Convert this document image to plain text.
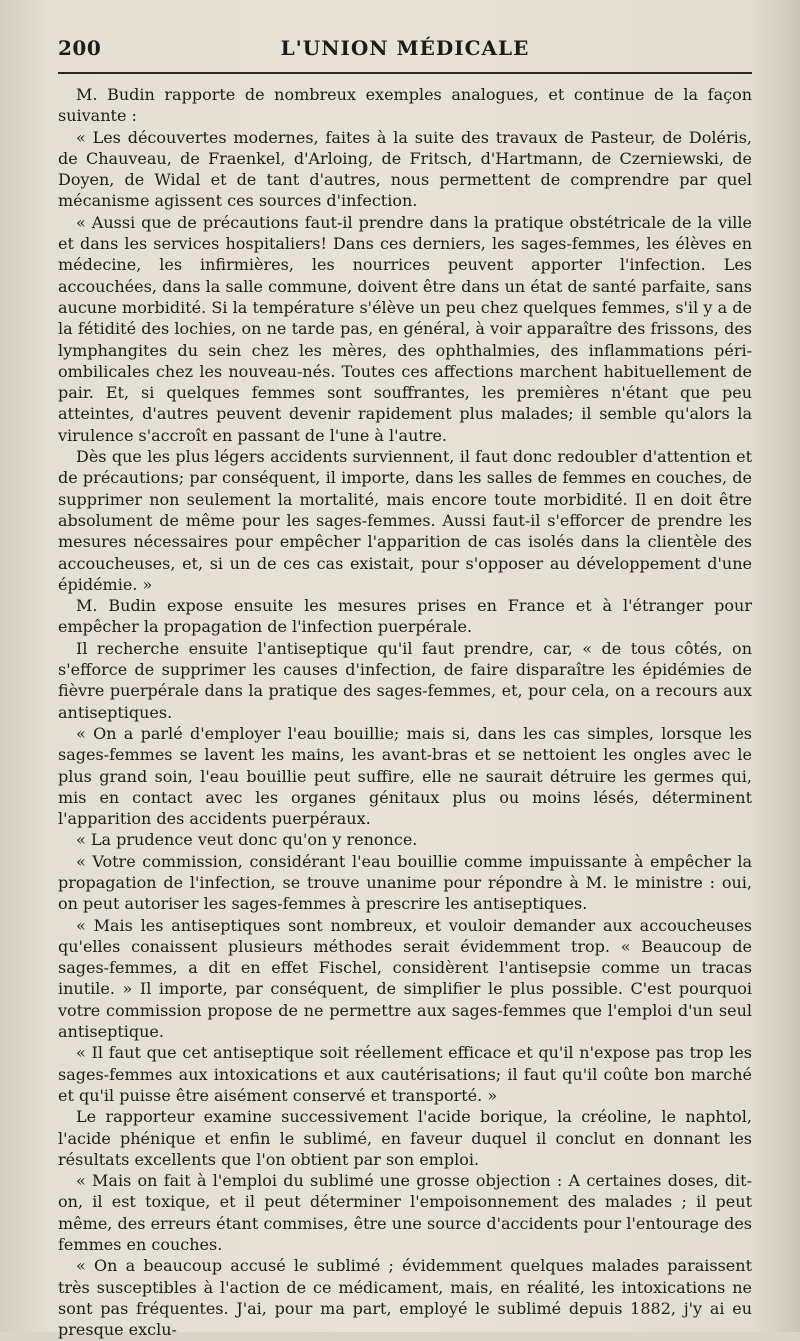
200	L'UNION MÉDICALE

M. Budin rapporte de nombreux exemples analogues, et continue de la façon suivante :

« Les découvertes modernes, faites à la suite des travaux de Pasteur, de Doléris, de Chauveau, de Fraenkel, d'Arloing, de Fritsch, d'Hartmann, de Czerniewski, de Doyen, de Widal et de tant d'autres, nous permettent de comprendre par quel mécanisme agissent ces sources d'infection.

« Aussi que de précautions faut-il prendre dans la pratique obstétricale de la ville et dans les services hospitaliers! Dans ces derniers, les sages-femmes, les élèves en médecine, les infirmières, les nourrices peuvent apporter l'infection. Les accouchées, dans la salle commune, doivent être dans un état de santé parfaite, sans aucune morbidité. Si la température s'élève un peu chez quelques femmes, s'il y a de la fétidité des lochies, on ne tarde pas, en général, à voir apparaître des frissons, des lymphangites du sein chez les mères, des ophthalmies, des inflammations péri-ombilicales chez les nouveau-nés. Toutes ces affections marchent habituellement de pair. Et, si quelques femmes sont souffrantes, les premières n'étant que peu atteintes, d'autres peuvent devenir rapidement plus malades; il semble qu'alors la virulence s'accroît en passant de l'une à l'autre.

Dès que les plus légers accidents surviennent, il faut donc redoubler d'attention et de précautions; par conséquent, il importe, dans les salles de femmes en couches, de supprimer non seulement la mortalité, mais encore toute morbidité. Il en doit être absolument de même pour les sages-femmes. Aussi faut-il s'efforcer de prendre les mesures nécessaires pour empêcher l'apparition de cas isolés dans la clientèle des accoucheuses, et, si un de ces cas existait, pour s'opposer au développement d'une épidémie. »

M. Budin expose ensuite les mesures prises en France et à l'étranger pour empêcher la propagation de l'infection puerpérale.

Il recherche ensuite l'antiseptique qu'il faut prendre, car, « de tous côtés, on s'efforce de supprimer les causes d'infection, de faire disparaître les épidémies de fièvre puerpérale dans la pratique des sages-femmes, et, pour cela, on a recours aux antiseptiques.

« On a parlé d'employer l'eau bouillie; mais si, dans les cas simples, lorsque les sages-femmes se lavent les mains, les avant-bras et se nettoient les ongles avec le plus grand soin, l'eau bouillie peut suffire, elle ne saurait détruire les germes qui, mis en contact avec les organes génitaux plus ou moins lésés, déterminent l'apparition des accidents puerpéraux.

« La prudence veut donc qu'on y renonce.

« Votre commission, considérant l'eau bouillie comme impuissante à empêcher la propagation de l'infection, se trouve unanime pour répondre à M. le ministre : oui, on peut autoriser les sages-femmes à prescrire les antiseptiques.

« Mais les antiseptiques sont nombreux, et vouloir demander aux accoucheuses qu'elles conaissent plusieurs méthodes serait évidemment trop. « Beaucoup de sages-femmes, a dit en effet Fischel, considèrent l'antisepsie comme un tracas inutile. » Il importe, par conséquent, de simplifier le plus possible. C'est pourquoi votre commission propose de ne permettre aux sages-femmes que l'emploi d'un seul antiseptique.

« Il faut que cet antiseptique soit réellement efficace et qu'il n'expose pas trop les sages-femmes aux intoxications et aux cautérisations; il faut qu'il coûte bon marché et qu'il puisse être aisément conservé et transporté. »

Le rapporteur examine successivement l'acide borique, la créoline, le naphtol, l'acide phénique et enfin le sublimé, en faveur duquel il conclut en donnant les résultats excellents que l'on obtient par son emploi.

« Mais on fait à l'emploi du sublimé une grosse objection : A certaines doses, dit-on, il est toxique, et il peut déterminer l'empoisonnement des malades ; il peut même, des erreurs étant commises, être une source d'accidents pour l'entourage des femmes en couches.

« On a beaucoup accusé le sublimé ; évidemment quelques malades paraissent très susceptibles à l'action de ce médicament, mais, en réalité, les intoxications ne sont pas fréquentes. J'ai, pour ma part, employé le sublimé depuis 1882, j'y ai eu presque exclu-
